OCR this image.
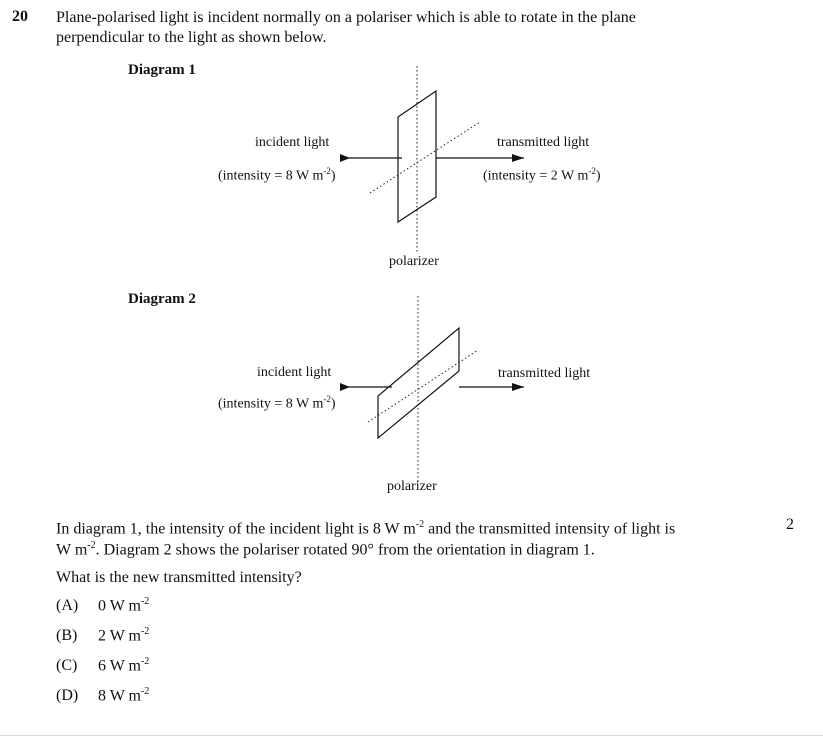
20 Plane-polarised light is incident normally on a polariser which is able to rotate in the plane
perpendicular to the light as shown below.
Diagram 1
incident light
(intensity = 8 W $m^{-2}$)
transmitted light
(intensity = 2 W $m^{-2}$)
polarizer
Diagram 2
incident light
(intensity = 8 W $m^{-2}$)
transmitted light
polarizer
In diagram 1, the intensity of the incident light is 8 W $m^{-2}$ and the transmitted intensity of light is	2
W $m^{-2}$. Diagram 2 shows the polariser rotated 90° from the orientation in diagram 1.
What is the new transmitted intensity?
(A) 0 W $m^{-2}$
(B) 2 W $m^{-2}$
(C) 6 W $m^{-2}$
(D) 8 W $m^{-2}$
